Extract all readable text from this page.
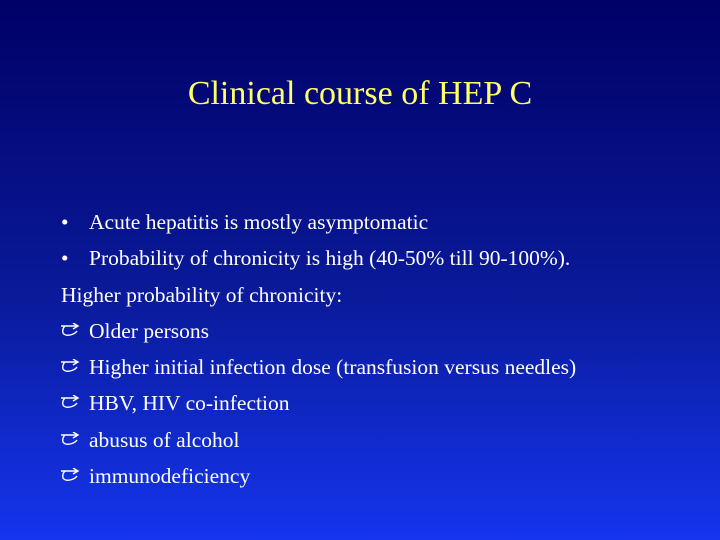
Clinical course of HEP C
• Acute hepatitis is mostly asymptomatic
• Probability of chronicity is high (40-50% till 90-100%).
Higher probability of chronicity:
Older persons
Higher initial infection dose (transfusion versus needles)
HBV, HIV co-infection
abusus of alcohol
immunodeficiency
